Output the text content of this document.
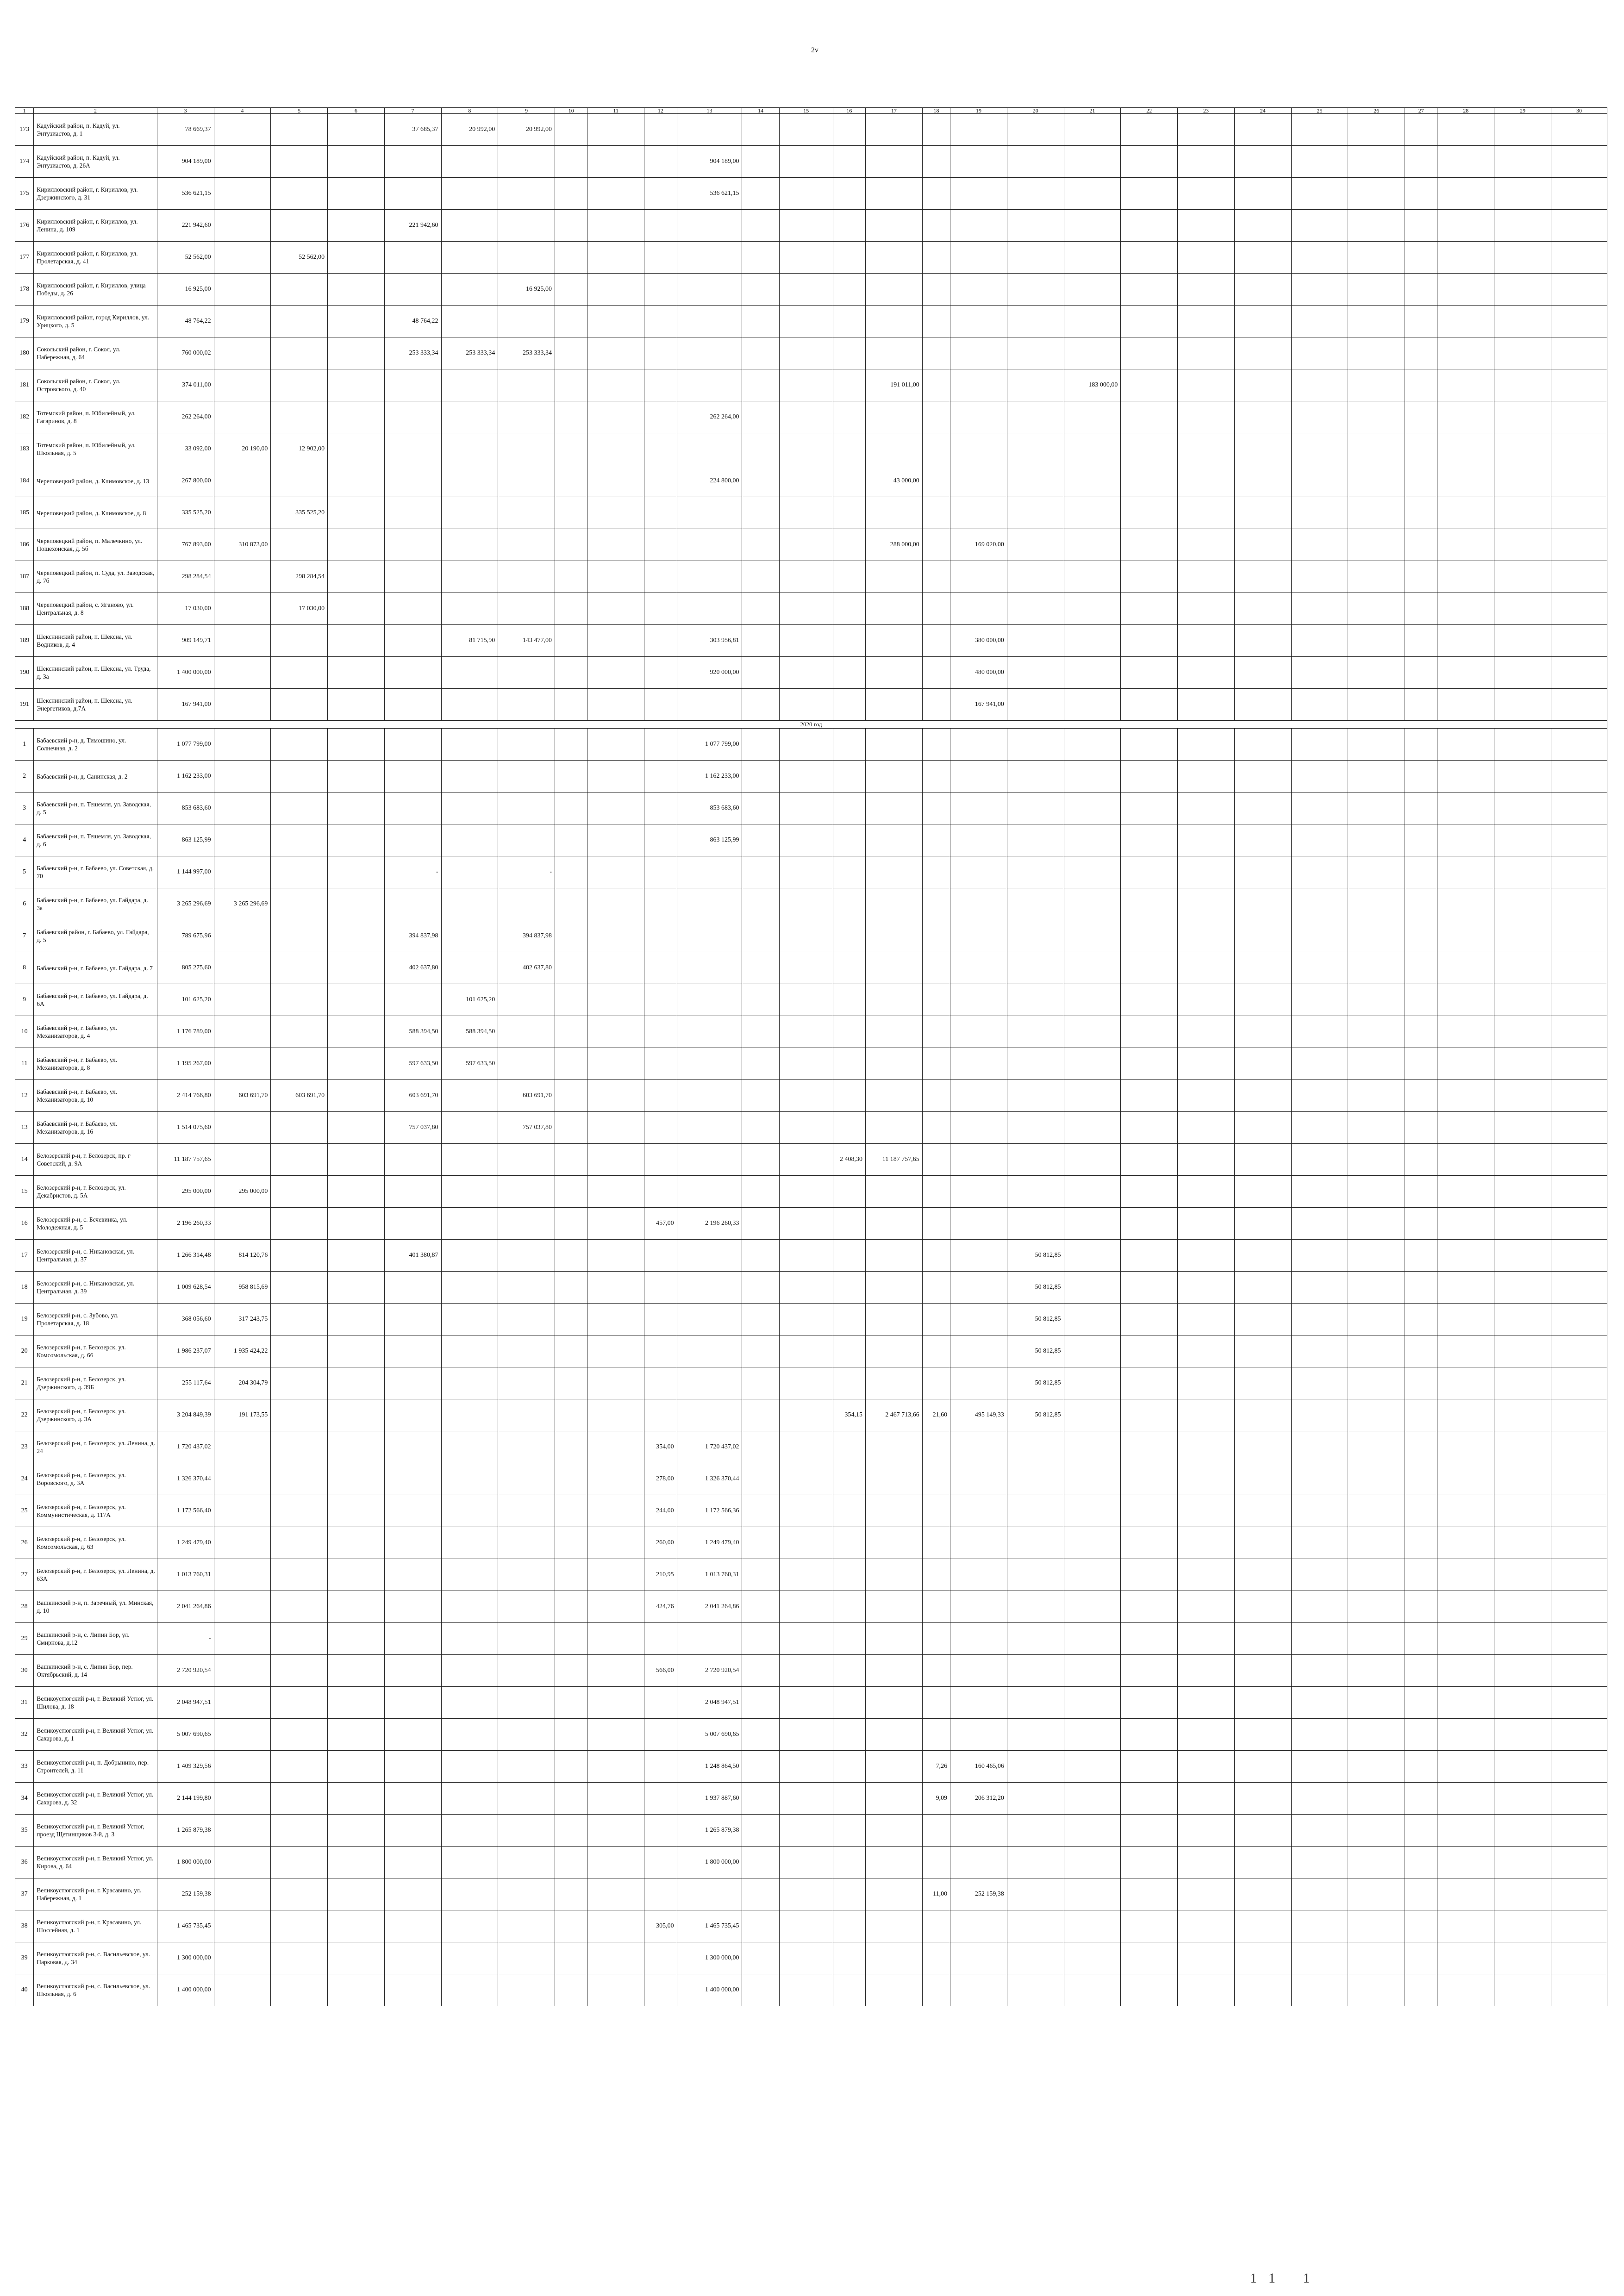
2v
1	2	3	4	5	6	7	8	9	10	11	12	13	14	15	16	17	18	19	20	21	22	23	24	25	26	27	28	29	30
173	Кадуйский район, п. Кадуй, ул. Энтузиастов, д. 1	78 669,37				37 685,37	20 992,00	20 992,00																					
174	Кадуйский район, п. Кадуй, ул. Энтузиастов, д. 26А	904 189,00										904 189,00																	
175	Кирилловский район, г. Кириллов, ул. Дзержинского, д. 31	536 621,15										536 621,15																	
176	Кирилловский район, г. Кириллов, ул. Ленина, д. 109	221 942,60				221 942,60																							
177	Кирилловский район, г. Кириллов, ул. Пролетарская, д. 41	52 562,00		52 562,00																									
178	Кирилловский район, г. Кириллов, улица Победы, д. 26	16 925,00						16 925,00																					
179	Кирилловский район, город Кириллов, ул. Урицкого, д. 5	48 764,22				48 764,22																							
180	Сокольский район, г. Сокол, ул. Набережная, д. 64	760 000,02				253 333,34	253 333,34	253 333,34																					
181	Сокольский район, г. Сокол, ул. Островского, д. 40	374 011,00														191 011,00				183 000,00									
182	Тотемский район, п. Юбилейный, ул. Гагаринов, д. 8	262 264,00										262 264,00																	
183	Тотемский район, п. Юбилейный, ул. Школьная, д. 5	33 092,00	20 190,00	12 902,00																									
184	Череповецкий район, д. Климовское, д. 13	267 800,00										224 800,00				43 000,00													
185	Череповецкий район, д. Климовское, д. 8	335 525,20		335 525,20																									
186	Череповецкий район, п. Малечкино, ул. Пошехонская, д. 5б	767 893,00	310 873,00													288 000,00		169 020,00											
187	Череповецкий район, п. Суда, ул. Заводская, д. 7б	298 284,54		298 284,54																									
188	Череповецкий район, с. Яганово, ул. Центральная, д. 8	17 030,00		17 030,00																									
189	Шекснинский район, п. Шексна, ул. Водников, д. 4	909 149,71					81 715,90	143 477,00				303 956,81						380 000,00											
190	Шекснинский район, п. Шексна, ул. Труда, д. 3а	1 400 000,00										920 000,00						480 000,00											
191	Шекснинский район, п. Шексна, ул. Энергетиков, д.7А	167 941,00																167 941,00											
2020 год																													
1	Бабаевский р-н, д. Тимошино, ул. Солнечная, д. 2	1 077 799,00										1 077 799,00																	
2	Бабаевский р-н, д. Санинская, д. 2	1 162 233,00										1 162 233,00																	
3	Бабаевский р-н, п. Тешемля, ул. Заводская, д. 5	853 683,60										853 683,60																	
4	Бабаевский р-н, п. Тешемля, ул. Заводская, д. 6	863 125,99										863 125,99																	
5	Бабаевский р-н, г. Бабаево, ул. Советская, д. 70	1 144 997,00				-		-																					
6	Бабаевский р-н, г. Бабаево, ул. Гайдара, д. 3а	3 265 296,69	3 265 296,69																										
7	Бабаевский район, г. Бабаево, ул. Гайдара, д. 5	789 675,96				394 837,98		394 837,98																					
8	Бабаевский р-н, г. Бабаево, ул. Гайдара, д. 7	805 275,60				402 637,80		402 637,80																					
9	Бабаевский р-н, г. Бабаево, ул. Гайдара, д. 6А	101 625,20					101 625,20																						
10	Бабаевский р-н, г. Бабаево, ул. Механизаторов, д. 4	1 176 789,00				588 394,50	588 394,50																						
11	Бабаевский р-н, г. Бабаево, ул. Механизаторов, д. 8	1 195 267,00				597 633,50	597 633,50																						
12	Бабаевский р-н, г. Бабаево, ул. Механизаторов, д. 10	2 414 766,80	603 691,70	603 691,70		603 691,70		603 691,70																					
13	Бабаевский р-н, г. Бабаево, ул. Механизаторов, д. 16	1 514 075,60				757 037,80		757 037,80																					
14	Белозерский р-н, г. Белозерск, пр. г Советский, д. 9А	11 187 757,65													2 408,30	11 187 757,65													
15	Белозерский р-н, г. Белозерск, ул. Декабристов, д. 5А	295 000,00	295 000,00																										
16	Белозерский р-н, с. Бечевинка, ул. Молодежная, д. 5	2 196 260,33									457,00	2 196 260,33																	
17	Белозерский р-н, с. Никановская, ул. Центральная, д. 37	1 266 314,48	814 120,76			401 380,87													50 812,85										
18	Белозерский р-н, с. Никановская, ул. Центральная, д. 39	1 009 628,54	958 815,69																50 812,85										
19	Белозерский р-н, с. Зубово, ул. Пролетарская, д. 18	368 056,60	317 243,75																50 812,85										
20	Белозерский р-н, г. Белозерск, ул. Комсомольская, д. 66	1 986 237,07	1 935 424,22																50 812,85										
21	Белозерский р-н, г. Белозерск, ул. Дзержинского, д. 39Б	255 117,64	204 304,79																50 812,85										
22	Белозерский р-н, г. Белозерск, ул. Дзержинского, д. 3А	3 204 849,39	191 173,55												354,15	2 467 713,66	21,60	495 149,33	50 812,85										
23	Белозерский р-н, г. Белозерск, ул. Ленина, д. 24	1 720 437,02									354,00	1 720 437,02																	
24	Белозерский р-н, г. Белозерск, ул. Воровского, д. 3А	1 326 370,44									278,00	1 326 370,44																	
25	Белозерский р-н, г. Белозерск, ул. Коммунистическая, д. 117А	1 172 566,40									244,00	1 172 566,36																	
26	Белозерский р-н, г. Белозерск, ул. Комсомольская, д. 63	1 249 479,40									260,00	1 249 479,40																	
27	Белозерский р-н, г. Белозерск, ул. Ленина, д. 63А	1 013 760,31									210,95	1 013 760,31																	
28	Вашкинский р-н, п. Заречный, ул. Минская, д. 10	2 041 264,86									424,76	2 041 264,86																	
29	Вашкинский р-н, с. Липин Бор, ул. Смирнова, д.12	-																											
30	Вашкинский р-н, с. Липин Бор, пер. Октябрьский, д. 14	2 720 920,54									566,00	2 720 920,54																	
31	Великоустюгский р-н, г. Великий Устюг, ул. Шилова, д. 18	2 048 947,51										2 048 947,51																	
32	Великоустюгский р-н, г. Великий Устюг, ул. Сахарова, д. 1	5 007 690,65										5 007 690,65																	
33	Великоустюгский р-н, п. Добрынино, пер. Строителей, д. 11	1 409 329,56										1 248 864,50					7,26	160 465,06											
34	Великоустюгский р-н, г. Великий Устюг, ул. Сахарова, д. 32	2 144 199,80										1 937 887,60					9,09	206 312,20											
35	Великоустюгский р-н, г. Великий Устюг, проезд Щетинщиков 3-й, д. 3	1 265 879,38										1 265 879,38																	
36	Великоустюгский р-н, г. Великий Устюг, ул. Кирова, д. 64	1 800 000,00										1 800 000,00																	
37	Великоустюгский р-н, г. Красавино, ул. Набережная, д. 1	252 159,38															11,00	252 159,38											
38	Великоустюгский р-н, г. Красавино, ул. Шоссейная, д. 1	1 465 735,45									305,00	1 465 735,45																	
39	Великоустюгский р-н, с. Васильевское, ул. Парковая, д. 34	1 300 000,00										1 300 000,00																	
40	Великоустюгский р-н, с. Васильевское, ул. Школьная, д. 6	1 400 000,00										1 400 000,00																	
11 1
